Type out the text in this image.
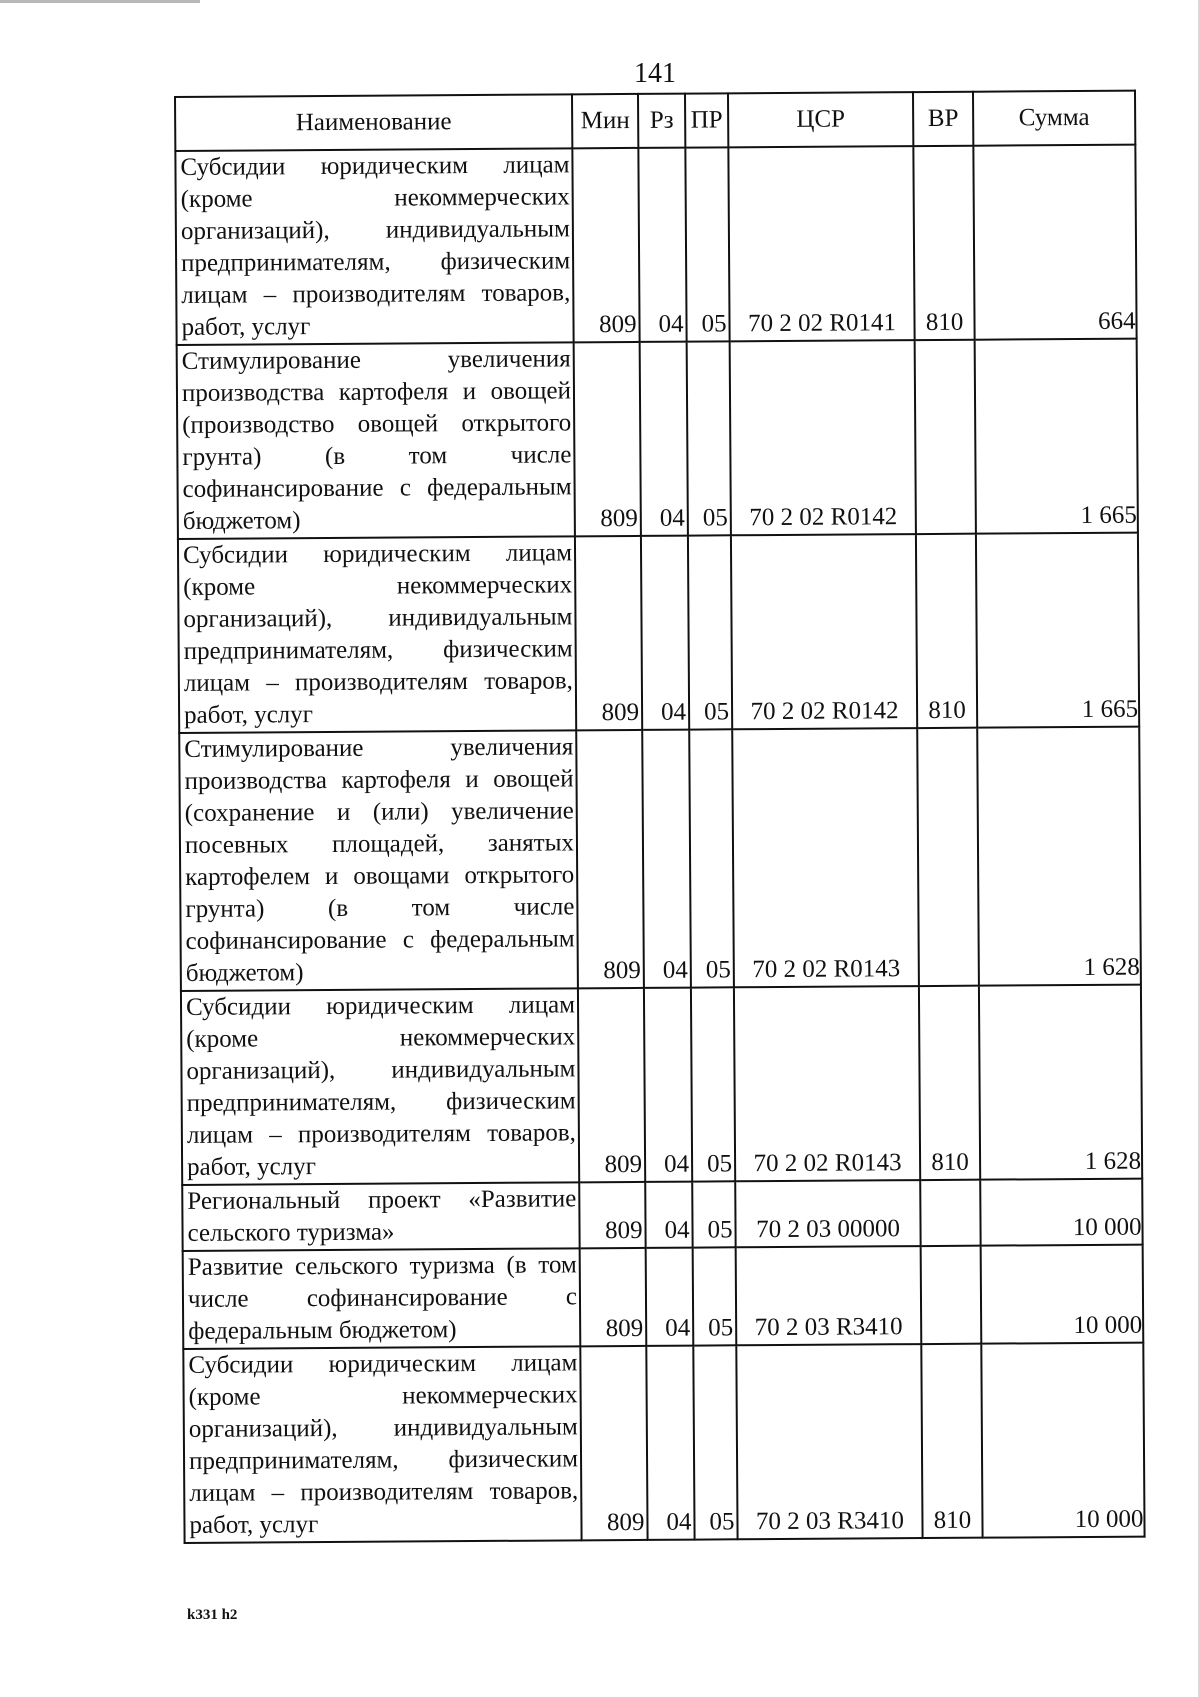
141
Наименование	Мин	Рз	ПР	ЦСР	ВР	Сумма
Субсидии юридическим лицам (кроме некоммерческих организаций), индивидуальным предпринимателям, физическим лицам – производителям товаров, работ, услуг	809	04	05	70 2 02 R0141	810	664
Стимулирование увеличения производства картофеля и овощей (производство овощей открытого грунта) (в том числе софинансирование с федеральным бюджетом)	809	04	05	70 2 02 R0142		1 665
Субсидии юридическим лицам (кроме некоммерческих организаций), индивидуальным предпринимателям, физическим лицам – производителям товаров, работ, услуг	809	04	05	70 2 02 R0142	810	1 665
Стимулирование увеличения производства картофеля и овощей (сохранение и (или) увеличение посевных площадей, занятых картофелем и овощами открытого грунта) (в том числе софинансирование с федеральным бюджетом)	809	04	05	70 2 02 R0143		1 628
Субсидии юридическим лицам (кроме некоммерческих организаций), индивидуальным предпринимателям, физическим лицам – производителям товаров, работ, услуг	809	04	05	70 2 02 R0143	810	1 628
Региональный проект «Развитие сельского туризма»	809	04	05	70 2 03 00000		10 000
Развитие сельского туризма (в том числе софинансирование с федеральным бюджетом)	809	04	05	70 2 03 R3410		10 000
Субсидии юридическим лицам (кроме некоммерческих организаций), индивидуальным предпринимателям, физическим лицам – производителям товаров, работ, услуг	809	04	05	70 2 03 R3410	810	10 000
k331 h2
